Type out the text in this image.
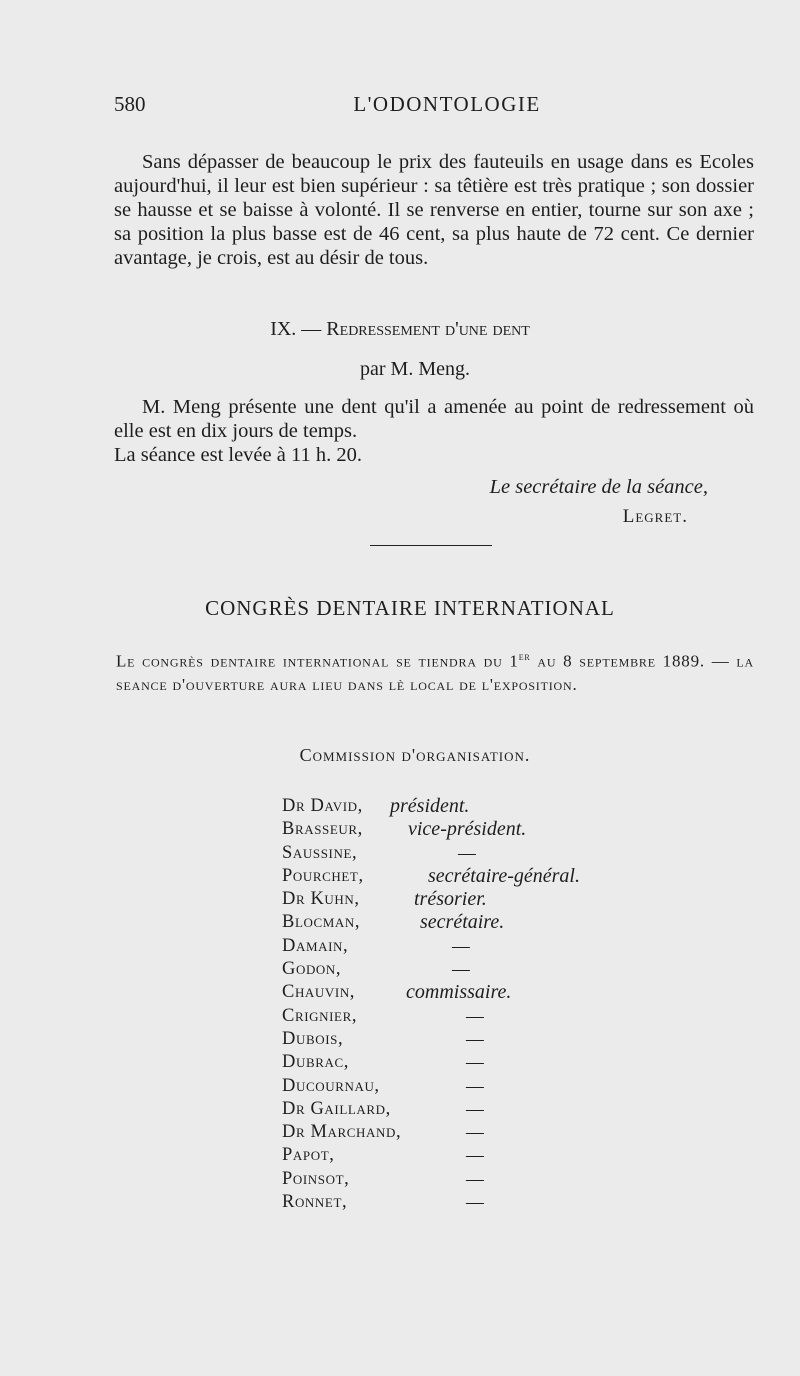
580	L'ODONTOLOGIE
Sans dépasser de beaucoup le prix des fauteuils en usage dans es Ecoles aujourd'hui, il leur est bien supérieur : sa têtière est très pratique ; son dossier se hausse et se baisse à volonté. Il se renverse en entier, tourne sur son axe ; sa position la plus basse est de 46 cent, sa plus haute de 72 cent. Ce dernier avantage, je crois, est au désir de tous.
IX. — Redressement d'une dent
par M. Meng.
M. Meng présente une dent qu'il a amenée au point de redressement où elle est en dix jours de temps.
La séance est levée à 11 h. 20.
Le secrétaire de la séance,
Legret.
CONGRÈS DENTAIRE INTERNATIONAL
Le congrès dentaire international se tiendra du 1er au 8 septembre 1889. — la seance d'ouverture aura lieu dans lè local de l'exposition.
Commission d'organisation.
Dr David, président.
Brasseur, vice-président.
Saussine,	—
Pourchet,	secrétaire-général.
Dr Kuhn,	trésorier.
Blocman,	secrétaire.
Damain,	—
Godon,	—
Chauvin,	commissaire.
Crignier,	—
Dubois,	—
Dubrac,	—
Ducournau,	—
Dr Gaillard,	—
Dr Marchand,	—
Papot,	—
Poinsot,	—
Ronnet,	—
